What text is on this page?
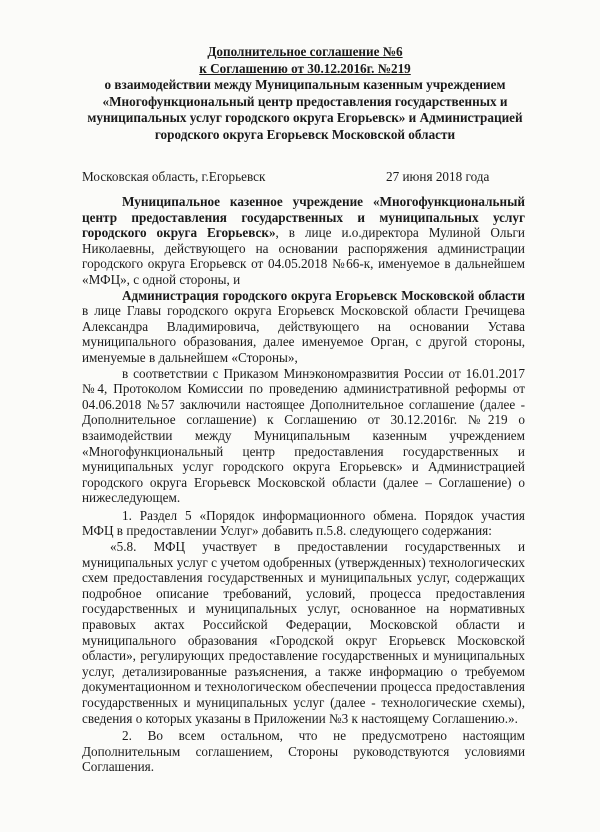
Дополнительное соглашение №6
к Соглашению от 30.12.2016г. №219
о взаимодействии между Муниципальным казенным учреждением
«Многофункциональный центр предоставления государственных и
муниципальных услуг городского округа Егорьевск» и Администрацией
городского округа Егорьевск Московской области
Московская область, г.Егорьевск	27 июня 2018 года

Муниципальное казенное учреждение «Многофункциональный центр предоставления государственных и муниципальных услуг городского округа Егорьевск», в лице и.о.директора Мулиной Ольги Николаевны, действующего на основании распоряжения администрации городского округа Егорьевск от 04.05.2018 №66-к, именуемое в дальнейшем «МФЦ», с одной стороны, и

Администрация городского округа Егорьевск Московской области в лице Главы городского округа Егорьевск Московской области Гречищева Александра Владимировича, действующего на основании Устава муниципального образования, далее именуемое Орган, с другой стороны, именуемые в дальнейшем «Стороны»,

в соответствии с Приказом Минэкономразвития России от 16.01.2017 №4, Протоколом Комиссии по проведению административной реформы от 04.06.2018 №57 заключили настоящее Дополнительное соглашение (далее - Дополнительное соглашение) к Соглашению от 30.12.2016г. №219 о взаимодействии между Муниципальным казенным учреждением «Многофункциональный центр предоставления государственных и муниципальных услуг городского округа Егорьевск» и Администрацией городского округа Егорьевск Московской области (далее – Соглашение) о нижеследующем.

1. Раздел 5 «Порядок информационного обмена. Порядок участия МФЦ в предоставлении Услуг» добавить п.5.8. следующего содержания:

«5.8. МФЦ участвует в предоставлении государственных и муниципальных услуг с учетом одобренных (утвержденных) технологических схем предоставления государственных и муниципальных услуг, содержащих подробное описание требований, условий, процесса предоставления государственных и муниципальных услуг, основанное на нормативных правовых актах Российской Федерации, Московской области и муниципального образования «Городской округ Егорьевск Московской области», регулирующих предоставление государственных и муниципальных услуг, детализированные разъяснения, а также информацию о требуемом документационном и технологическом обеспечении процесса предоставления государственных и муниципальных услуг (далее - технологические схемы), сведения о которых указаны в Приложении №3 к настоящему Соглашению.».

2. Во всем остальном, что не предусмотрено настоящим Дополнительным соглашением, Стороны руководствуются условиями Соглашения.
